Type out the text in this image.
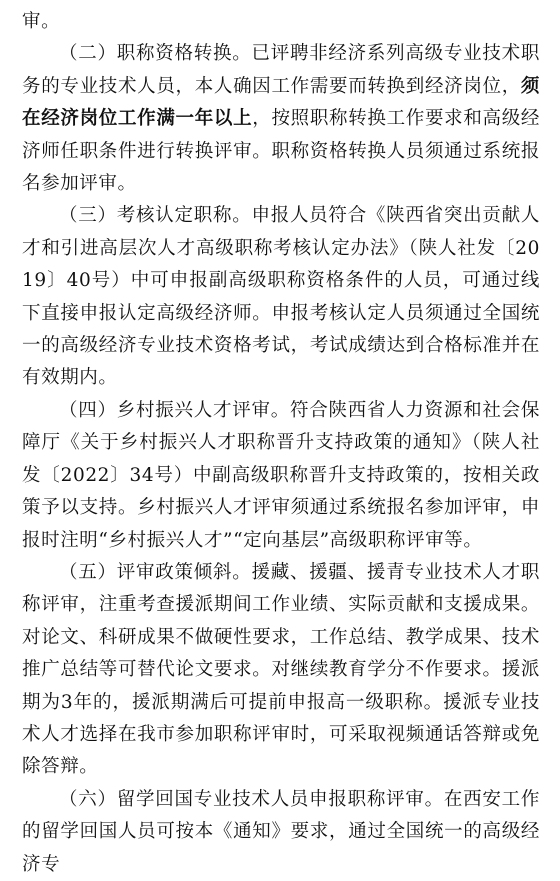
审。

（二）职称资格转换。已评聘非经济系列高级专业技术职务的专业技术人员，本人确因工作需要而转换到经济岗位，须在经济岗位工作满一年以上，按照职称转换工作要求和高级经济师任职条件进行转换评审。职称资格转换人员须通过系统报名参加评审。

（三）考核认定职称。申报人员符合《陕西省突出贡献人才和引进高层次人才高级职称考核认定办法》（陕人社发〔2019〕40号）中可申报副高级职称资格条件的人员，可通过线下直接申报认定高级经济师。申报考核认定人员须通过全国统一的高级经济专业技术资格考试，考试成绩达到合格标准并在有效期内。

（四）乡村振兴人才评审。符合陕西省人力资源和社会保障厅《关于乡村振兴人才职称晋升支持政策的通知》（陕人社发〔2022〕34号）中副高级职称晋升支持政策的，按相关政策予以支持。乡村振兴人才评审须通过系统报名参加评审，申报时注明“乡村振兴人才”“定向基层”高级职称评审等。

（五）评审政策倾斜。援藏、援疆、援青专业技术人才职称评审，注重考查援派期间工作业绩、实际贡献和支援成果。对论文、科研成果不做硬性要求，工作总结、教学成果、技术推广总结等可替代论文要求。对继续教育学分不作要求。援派期为3年的，援派期满后可提前申报高一级职称。援派专业技术人才选择在我市参加职称评审时，可采取视频通话答辩或免除答辩。

（六）留学回国专业技术人员申报职称评审。在西安工作的留学回国人员可按本《通知》要求，通过全国统一的高级经济专
